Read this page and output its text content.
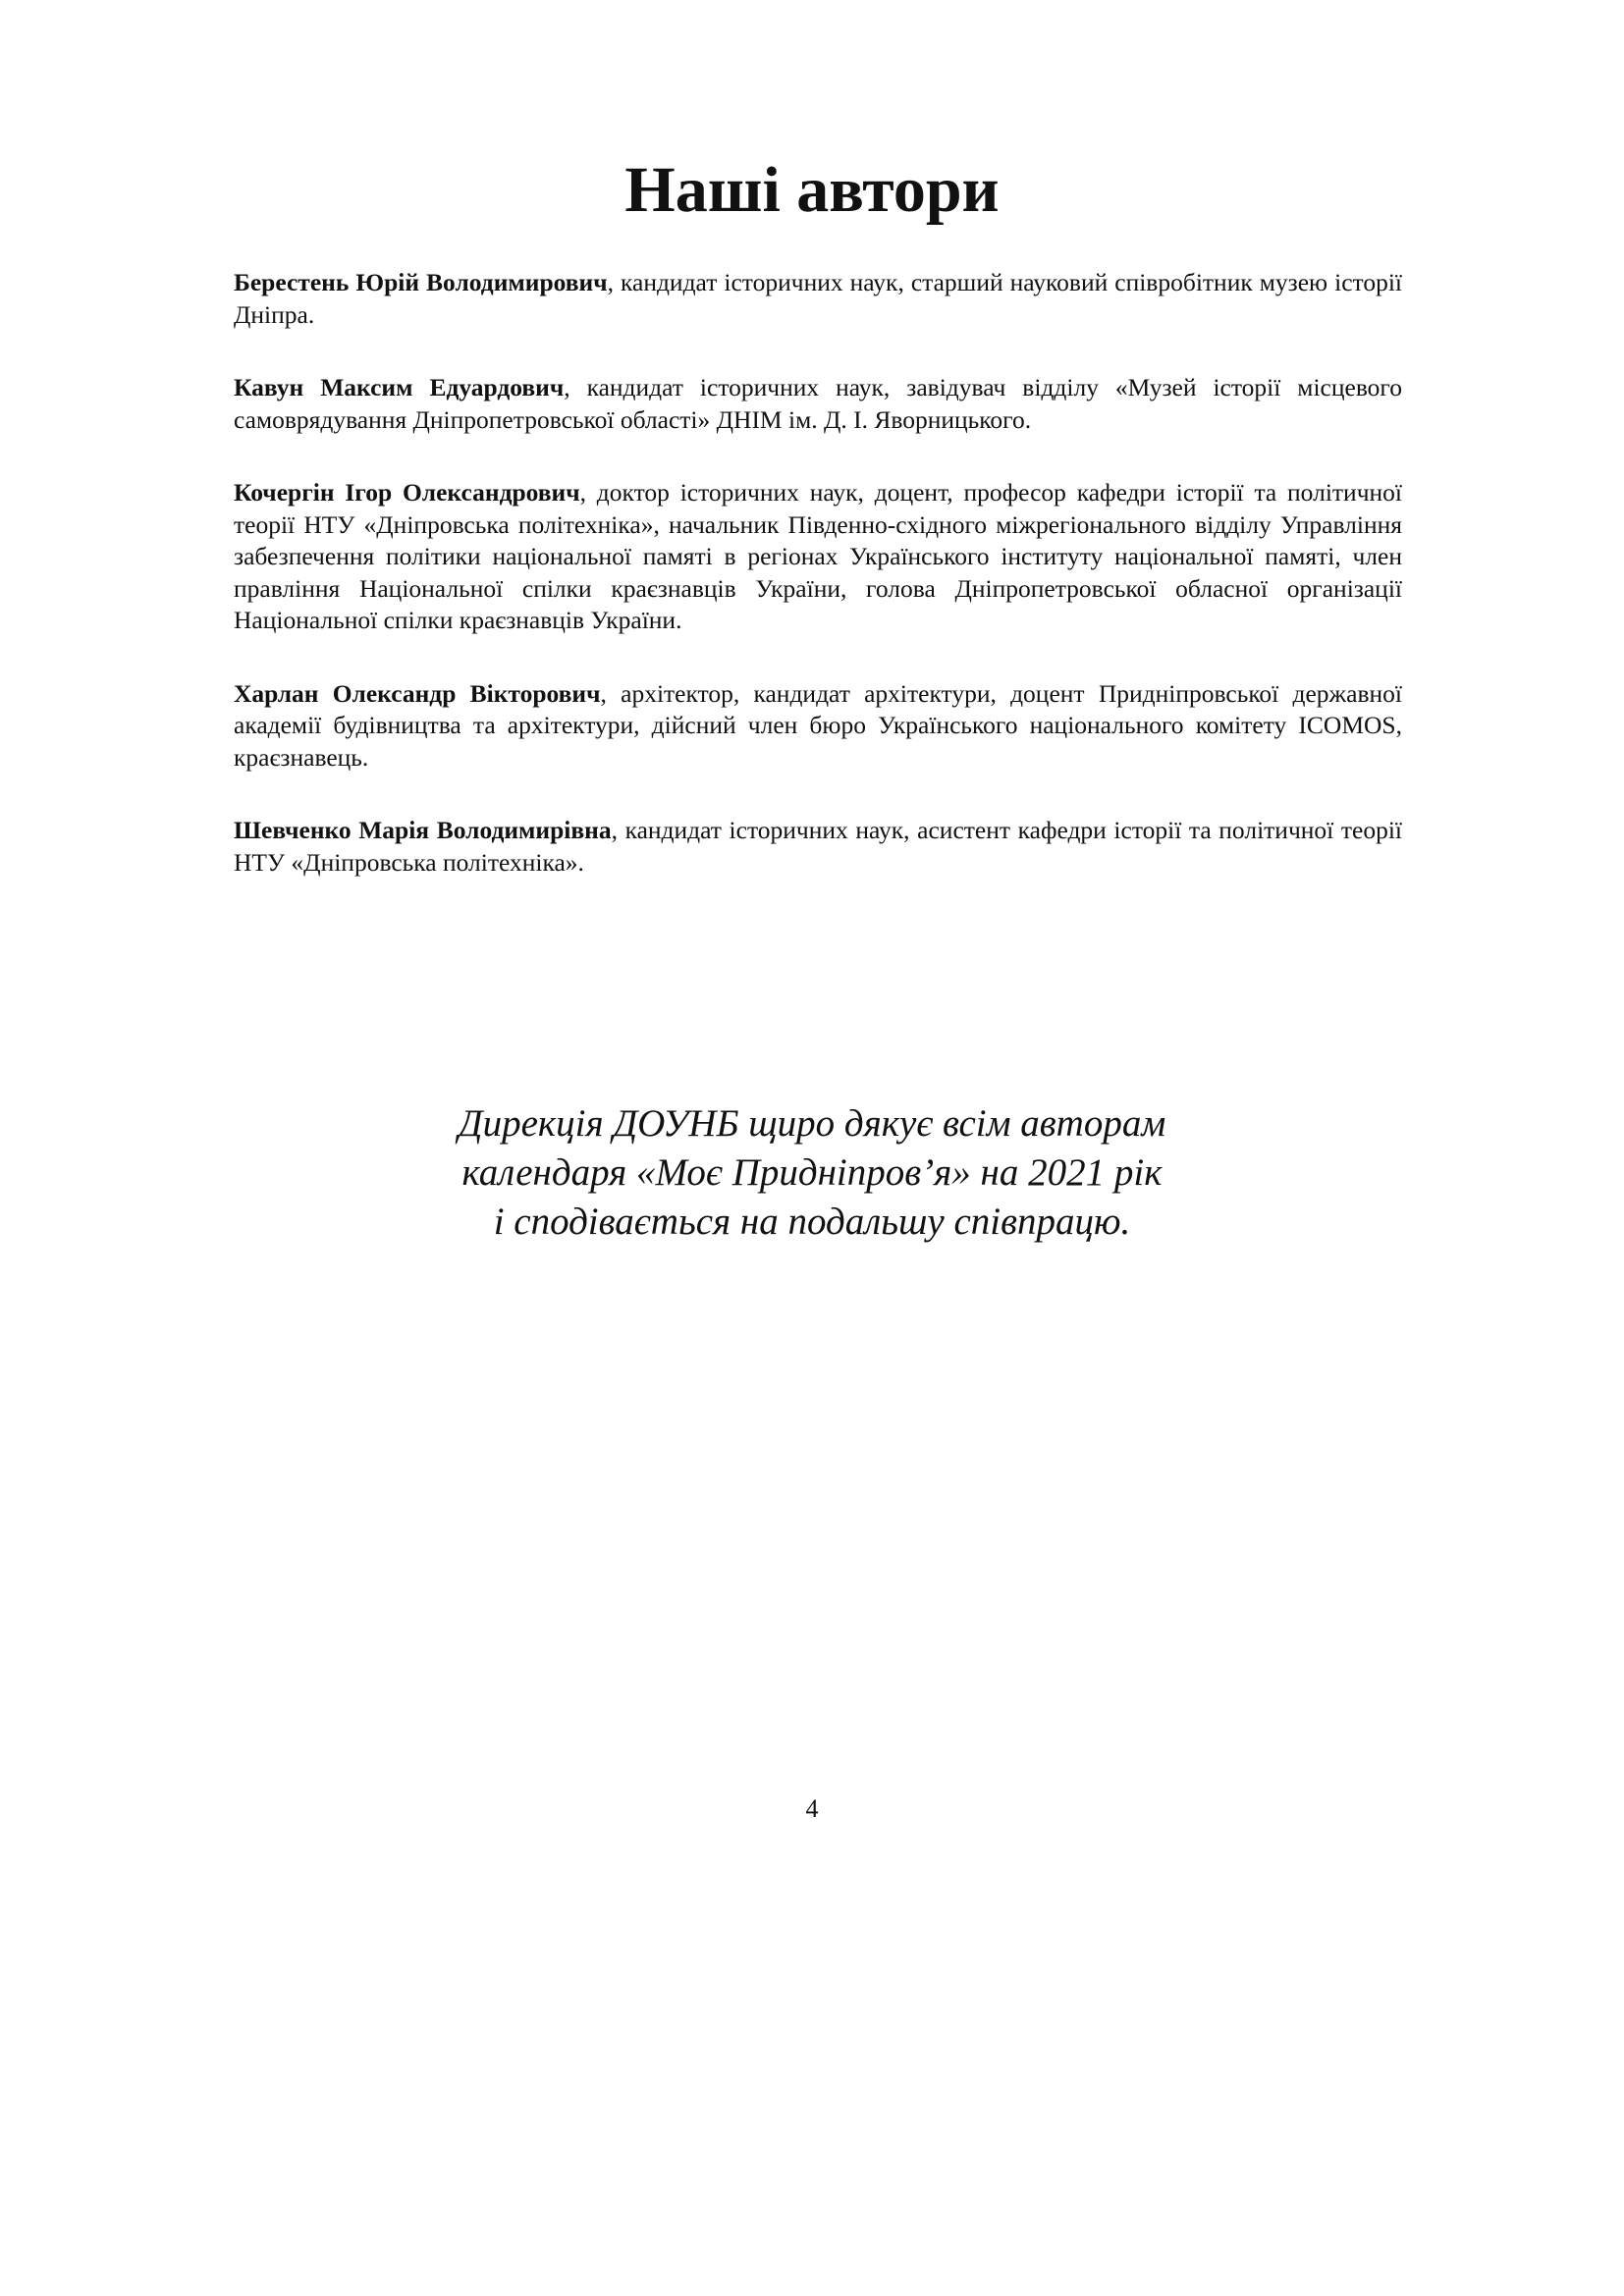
Наші автори

Берестень Юрій Володимирович, кандидат історичних наук, старший науковий співробітник музею історії Дніпра.

Кавун Максим Едуардович, кандидат історичних наук, завідувач відділу «Музей історії місцевого самоврядування Дніпропетровської області» ДНІМ ім. Д. І. Яворницького.

Кочергін Ігор Олександрович, доктор історичних наук, доцент, професор кафедри історії та політичної теорії НТУ «Дніпровська політехніка», начальник Південно-східного міжрегіонального відділу Управління забезпечення політики національної памяті в регіонах Українського інституту національної памяті, член правління Національної спілки краєзнавців України, голова Дніпропетровської обласної організації Національної спілки краєзнавців України.

Харлан Олександр Вікторович, архітектор, кандидат архітектури, доцент Придніпровської державної академії будівництва та архітектури, дійсний член бюро Українського національного комітету ICOMOS, краєзнавець.

Шевченко Марія Володимирівна, кандидат історичних наук, асистент кафедри історії та політичної теорії НТУ «Дніпровська політехніка».

Дирекція ДОУНБ щиро дякує всім авторам
календаря «Моє Придніпров’я» на 2021 рік
і сподівається на подальшу співпрацю.
4
